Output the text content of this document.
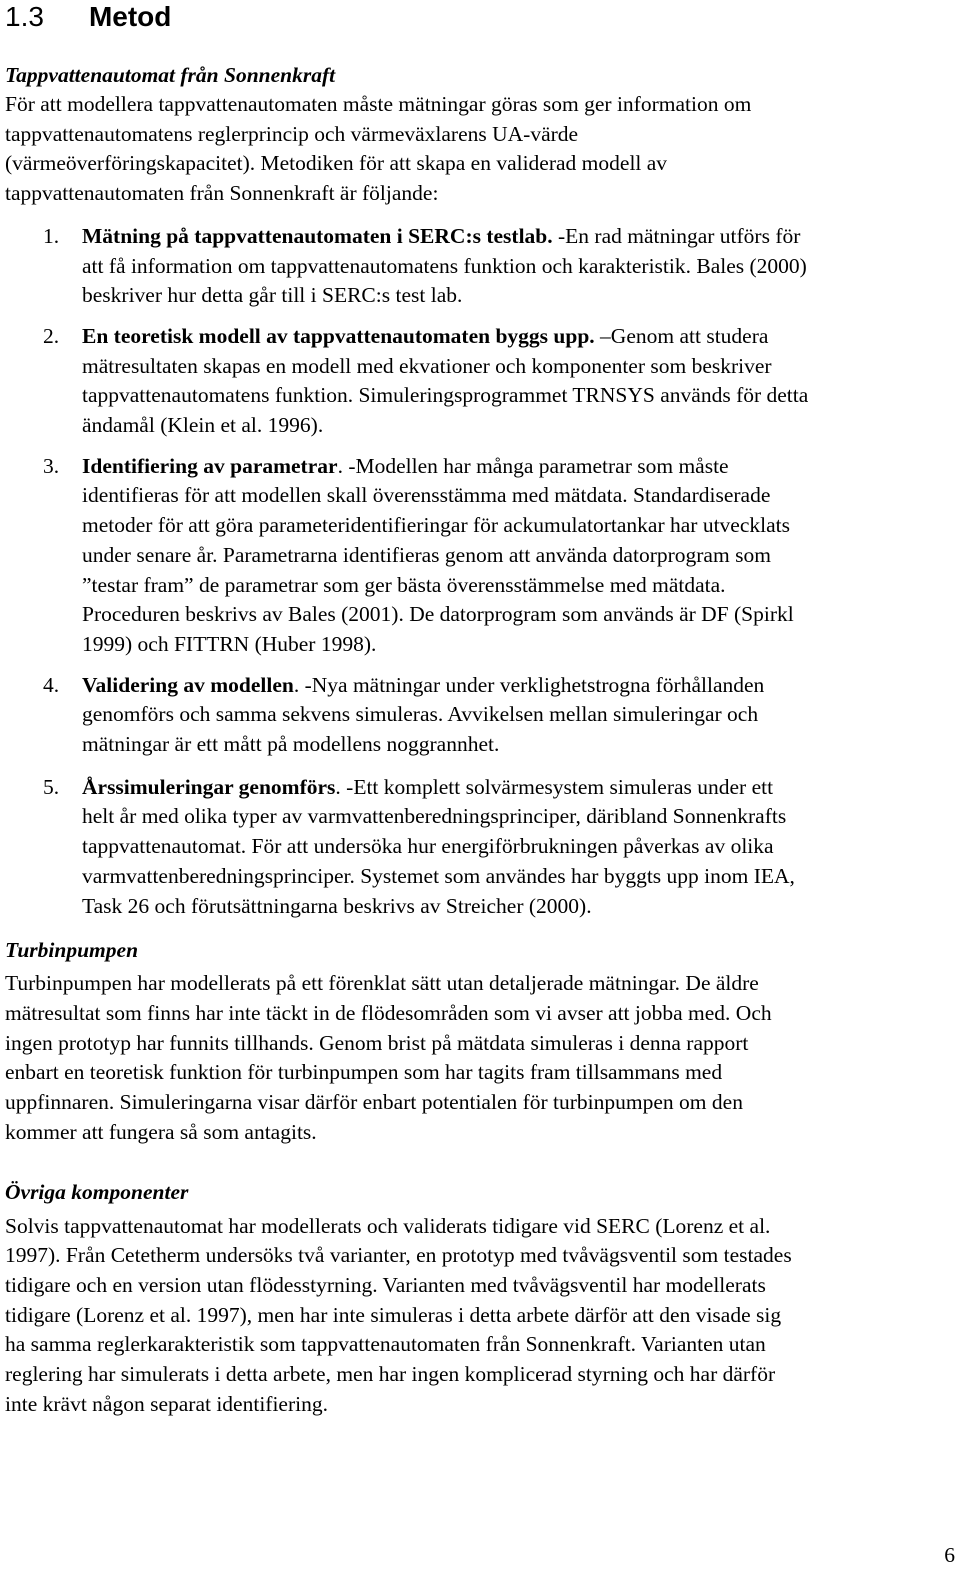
1.3 Metod
Tappvattenautomat från Sonnenkraft

För att modellera tappvattenautomaten måste mätningar göras som ger information om
tappvattenautomatens reglerprincip och värmeväxlarens UA-värde
(värmeöverföringskapacitet). Metodiken för att skapa en validerad modell av
tappvattenautomaten från Sonnenkraft är följande:

1. Mätning på tappvattenautomaten i SERC:s testlab. -En rad mätningar utförs för
att få information om tappvattenautomatens funktion och karakteristik. Bales (2000)
beskriver hur detta går till i SERC:s test lab.
2. En teoretisk modell av tappvattenautomaten byggs upp. –Genom att studera
mätresultaten skapas en modell med ekvationer och komponenter som beskriver
tappvattenautomatens funktion. Simuleringsprogrammet TRNSYS används för detta
ändamål (Klein et al. 1996).
3. Identifiering av parametrar. -Modellen har många parametrar som måste
identifieras för att modellen skall överensstämma med mätdata. Standardiserade
metoder för att göra parameteridentifieringar för ackumulatortankar har utvecklats
under senare år. Parametrarna identifieras genom att använda datorprogram som
”testar fram” de parametrar som ger bästa överensstämmelse med mätdata.
Proceduren beskrivs av Bales (2001). De datorprogram som används är DF (Spirkl
1999) och FITTRN (Huber 1998).
4. Validering av modellen. -Nya mätningar under verklighetstrogna förhållanden
genomförs och samma sekvens simuleras. Avvikelsen mellan simuleringar och
mätningar är ett mått på modellens noggrannhet.
5. Årssimuleringar genomförs. -Ett komplett solvärmesystem simuleras under ett
helt år med olika typer av varmvattenberedningsprinciper, däribland Sonnenkrafts
tappvattenautomat. För att undersöka hur energiförbrukningen påverkas av olika
varmvattenberedningsprinciper. Systemet som användes har byggts upp inom IEA,
Task 26 och förutsättningarna beskrivs av Streicher (2000).
Turbinpumpen

Turbinpumpen har modellerats på ett förenklat sätt utan detaljerade mätningar. De äldre
mätresultat som finns har inte täckt in de flödesområden som vi avser att jobba med. Och
ingen prototyp har funnits tillhands. Genom brist på mätdata simuleras i denna rapport
enbart en teoretisk funktion för turbinpumpen som har tagits fram tillsammans med
uppfinnaren. Simuleringarna visar därför enbart potentialen för turbinpumpen om den
kommer att fungera så som antagits.

Övriga komponenter

Solvis tappvattenautomat har modellerats och validerats tidigare vid SERC (Lorenz et al.
1997). Från Cetetherm undersöks två varianter, en prototyp med tvåvägsventil som testades
tidigare och en version utan flödesstyrning. Varianten med tvåvägsventil har modellerats
tidigare (Lorenz et al. 1997), men har inte simuleras i detta arbete därför att den visade sig
ha samma reglerkarakteristik som tappvattenautomaten från Sonnenkraft. Varianten utan
reglering har simulerats i detta arbete, men har ingen komplicerad styrning och har därför
inte krävt någon separat identifiering.

6
